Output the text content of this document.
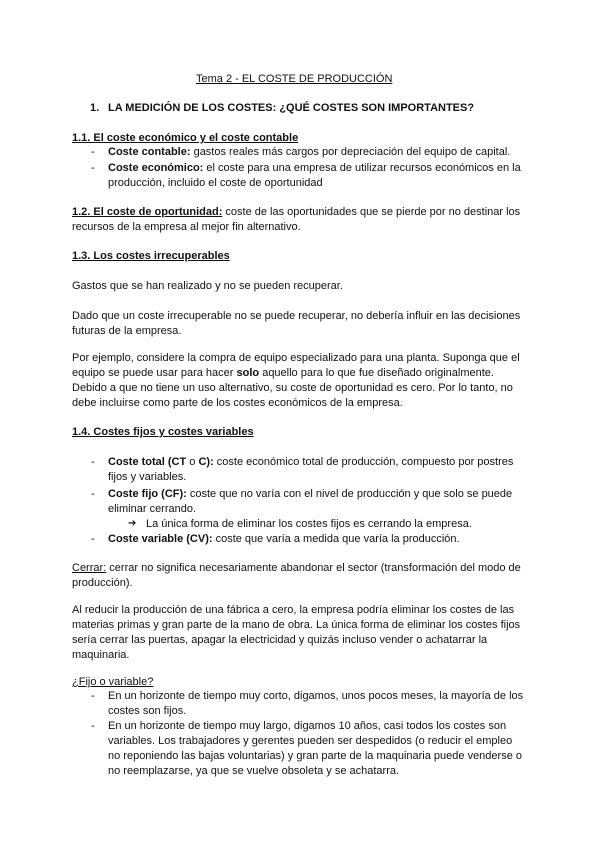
Tema 2 - EL COSTE DE PRODUCCIÓN
1. LA MEDICIÓN DE LOS COSTES: ¿QUÉ COSTES SON IMPORTANTES?
1.1. El coste económico y el coste contable
- Coste contable: gastos reales más cargos por depreciación del equipo de capital.
- Coste económico: el coste para una empresa de utilizar recursos económicos en la
producción, incluido el coste de oportunidad
1.2. El coste de oportunidad: coste de las oportunidades que se pierde por no destinar los
recursos de la empresa al mejor fin alternativo.
1.3. Los costes irrecuperables
Gastos que se han realizado y no se pueden recuperar.
Dado que un coste irrecuperable no se puede recuperar, no debería influir en las decisiones
futuras de la empresa.
Por ejemplo, considere la compra de equipo especializado para una planta. Suponga que el
equipo se puede usar para hacer solo aquello para lo que fue diseñado originalmente.
Debido a que no tiene un uso alternativo, su coste de oportunidad es cero. Por lo tanto, no
debe incluirse como parte de los costes económicos de la empresa.
1.4. Costes fijos y costes variables
- Coste total (CT o C): coste económico total de producción, compuesto por postres
fijos y variables.
- Coste fijo (CF): coste que no varía con el nivel de producción y que solo se puede
eliminar cerrando.
➔ La única forma de eliminar los costes fijos es cerrando la empresa.
- Coste variable (CV): coste que varía a medida que varía la producción.
Cerrar: cerrar no significa necesariamente abandonar el sector (transformación del modo de
producción).
Al reducir la producción de una fábrica a cero, la empresa podría eliminar los costes de las
materias primas y gran parte de la mano de obra. La única forma de eliminar los costes fijos
sería cerrar las puertas, apagar la electricidad y quizás incluso vender o achatarrar la
maquinaria.
¿Fijo o variable?
- En un horizonte de tiempo muy corto, digamos, unos pocos meses, la mayoría de los
costes son fijos.
- En un horizonte de tiempo muy largo, digamos 10 años, casi todos los costes son
variables. Los trabajadores y gerentes pueden ser despedidos (o reducir el empleo
no reponiendo las bajas voluntarias) y gran parte de la maquinaria puede venderse o
no reemplazarse, ya que se vuelve obsoleta y se achatarra.
